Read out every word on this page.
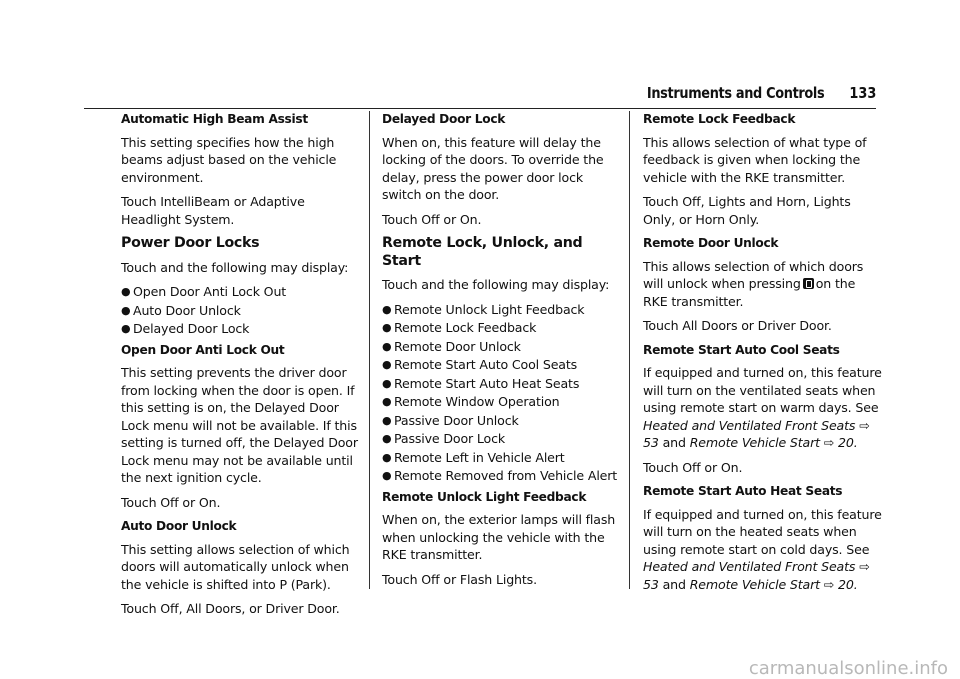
Instruments and Controls 133
Automatic High Beam Assist

This setting specifies how the high beams adjust based on the vehicle environment.

Touch IntelliBeam or Adaptive Headlight System.

Power Door Locks

Touch and the following may display:

● Open Door Anti Lock Out
● Auto Door Unlock
● Delayed Door Lock
Open Door Anti Lock Out

This setting prevents the driver door from locking when the door is open. If this setting is on, the Delayed Door Lock menu will not be available. If this setting is turned off, the Delayed Door Lock menu may not be available until the next ignition cycle.

Touch Off or On.

Auto Door Unlock

This setting allows selection of which doors will automatically unlock when the vehicle is shifted into P (Park).

Touch Off, All Doors, or Driver Door.

Delayed Door Lock

When on, this feature will delay the locking of the doors. To override the delay, press the power door lock switch on the door.

Touch Off or On.

Remote Lock, Unlock, and Start

Touch and the following may display:

● Remote Unlock Light Feedback
● Remote Lock Feedback
● Remote Door Unlock
● Remote Start Auto Cool Seats
● Remote Start Auto Heat Seats
● Remote Window Operation
● Passive Door Unlock
● Passive Door Lock
● Remote Left in Vehicle Alert
● Remote Removed from Vehicle Alert
Remote Unlock Light Feedback

When on, the exterior lamps will flash when unlocking the vehicle with the RKE transmitter.

Touch Off or Flash Lights.

Remote Lock Feedback

This allows selection of what type of feedback is given when locking the vehicle with the RKE transmitter.

Touch Off, Lights and Horn, Lights Only, or Horn Only.

Remote Door Unlock

This allows selection of which doors will unlock when pressing on the RKE transmitter.

Touch All Doors or Driver Door.

Remote Start Auto Cool Seats

If equipped and turned on, this feature will turn on the ventilated seats when using remote start on warm days. See Heated and Ventilated Front Seats ⇨ 53 and Remote Vehicle Start ⇨ 20.

Touch Off or On.

Remote Start Auto Heat Seats

If equipped and turned on, this feature will turn on the heated seats when using remote start on cold days. See Heated and Ventilated Front Seats ⇨ 53 and Remote Vehicle Start ⇨ 20.

carmanualsonline.info
